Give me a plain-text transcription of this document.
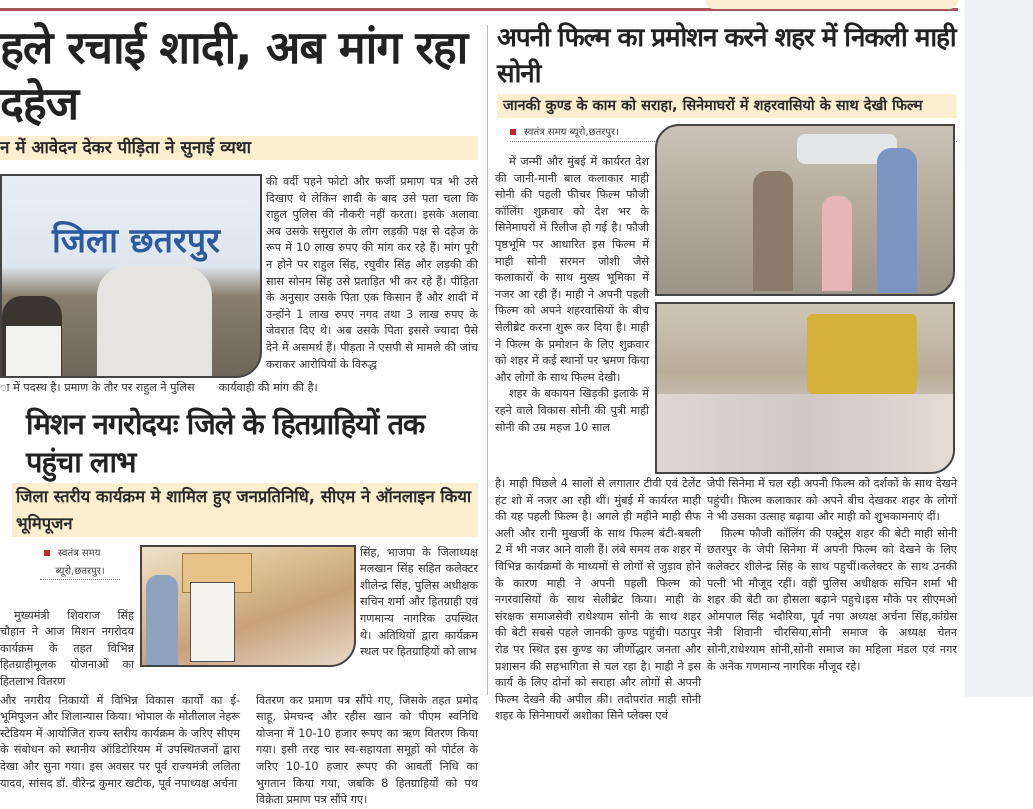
हले रचाई शादी, अब मांग रहा दहेज
न में आवेदन देकर पीड़िता ने सुनाई व्यथा
जिला छतरपुर

की वर्दी पहने फोटो और फर्जी प्रमाण पत्र भी उसे दिखाए थे लेकिन शादी के बाद उसे पता चला कि राहुल पुलिस की नौकरी नहीं करता। इसके अलावा अब उसके ससुराल के लोग लड़की पक्ष से दहेज के रूप में 10 लाख रुपए की मांग कर रहे हैं। मांग पूरी न होने पर राहुल सिंह, रघुवीर सिंह और लड़की की सास सोनम सिंह उसे प्रताड़ित भी कर रहे हैं। पीड़िता के अनुसार उसके पिता एक किसान हैं और शादी में उन्होंने 1 लाख रुपए नगद तथा 3 लाख रुपए के जेवरात दिए थे। अब उसके पिता इससे ज्यादा पैसे देने में असमर्थ हैं। पीड़ता ने एसपी से मामले की जांच कराकर आरोपियों के विरुद्ध

ा में पदस्थ है। प्रमाण के तौर पर राहुल ने पुलिस कार्यवाही की मांग की है।
मिशन नगरोदयः जिले के हितग्राहियों तक पहुंचा लाभ
जिला स्तरीय कार्यक्रम मे शामिल हुए जनप्रतिनिधि, सीएम ने ऑनलाइन किया भूमिपूजन
स्वतंत्र समय
ब्यूरो,छतरपुर।

मुख्यमंत्री शिवराज सिंह चौहान ने आज मिशन नगरोदय कार्यक्रम के तहत विभिन्न हितग्राहीमूलक योजनाओं का हितलाभ वितरण

सिंह, भाजपा के जिलाध्यक्ष मलखान सिंह सहित कलेक्टर शीलेन्द्र सिंह, पुलिस अधीक्षक सचिन शर्मा और हितग्राही एवं गणमान्य नागरिक उपस्थित थे। अतिथियों द्वारा कार्यक्रम स्थल पर हितग्राहियों को लाभ

और नगरीय निकायों में विभिन्न विकास कार्यों का ई-भूमिपूजन और शिलान्यास किया। भोपाल के मोतीलाल नेहरू स्टेडियम में आयोजित राज्य स्तरीय कार्यक्रम के जरिए सीएम के संबोधन को स्थानीय ऑडिटोरियम में उपस्थितजनों द्वारा देखा और सुना गया। इस अवसर पर पूर्व राज्यमंत्री ललिता यादव, सांसद डॉ. वीरेन्द्र कुमार खटीक, पूर्व नपाध्यक्ष अर्चना

वितरण कर प्रमाण पत्र सौंपे गए, जिसके तहत प्रमोद साहू, प्रेमचन्द और रहीस खान को पीएम स्वनिधि योजना में 10-10 हजार रूपए का ऋण वितरण किया गया। इसी तरह चार स्व-सहायता समूहों को पोर्टल के जरिए 10-10 हजार रूपए की आवर्ती निधि का भुगतान किया गया, जबकि 8 हितग्राहियों को पथ विक्रेता प्रमाण पत्र सौंपे गए।

अपनी फिल्म का प्रमोशन करने शहर में निकली माही सोनी
जानकी कुण्ड के काम को सराहा, सिनेमाघरों में शहरवासियो के साथ देखी फिल्म
स्वतंत्र समय ब्यूरो,छतरपुर।

में जन्मीं और मुंबई में कार्यरत देश की जानी-मानी बाल कलाकार माही सोनी की पहली फीचर फिल्म फौजी कॉलिंग शुक्रवार को देश भर के सिनेमाघरों में रिलीज हो गई है। फौजी पृष्ठभूमि पर आधारित इस फिल्म में माही सोनी सरमन जोशी जैसे कलाकारों के साथ मुख्य भूमिका में नजर आ रही हैं। माही ने अपनी पहली फिल्म को अपने शहरवासियों के बीच सेलीब्रेट करना शुरू कर दिया है। माही ने फिल्म के प्रमोशन के लिए शुक्रवार को शहर में कई स्थानों पर भ्रमण किया और लोगों के साथ फिल्म देखी।

शहर के बकायन खिड़की इलाके में रहने वाले विकास सोनी की पुत्री माही सोनी की उम्र महज 10 साल

है। माही पिछले 4 सालों से लगातार टीवी एवं टेलेंट हंट शो में नजर आ रही थीं। मुंबई में कार्यरत माही की यह पहली फिल्म है। अगले ही महीने माही सैफ अली और रानी मुखर्जी के साथ फिल्म बंटी-बबली 2 में भी नजर आने वाली हैं। लंबे समय तक शहर में विभिन्न कार्यक्रमों के माध्यमों से लोगों से जुड़ाव होने के कारण माही ने अपनी पहली फिल्म को नगरवासियों के साथ सेलीब्रेट किया। माही के संरक्षक समाजसेवी राधेश्याम सोनी के साथ शहर की बेटी सबसे पहले जानकी कुण्ड पहुंची। पठापुर रोड पर स्थित इस कुण्ड का जीर्णोद्धार जनता और प्रशासन की सहभागिता से चल रहा है। माही ने इस कार्य के लिए दोनों को सराहा और लोगों से अपनी फिल्म देखने की अपील की। तदोपरांत माही सोनी शहर के सिनेमाघरों अशोका सिने प्लेक्स एवं

जेपी सिनेमा में चल रही अपनी फिल्म को दर्शकों के साथ देखने पहुंची। फिल्म कलाकार को अपने बीच देखकर शहर के लोगों ने भी उसका उत्साह बढ़ाया और माही को शुभकामनाएं दीं।

फ़िल्म फौजी कॉलिंग की एक्ट्रेस शहर की बेटी माही सोनी छतरपुर के जेपी सिनेमा में अपनी फिल्म को देखने के लिए कलेक्टर शीलेन्द्र सिंह के साथ पहुचीं।कलेक्टर के साथ उनकी पत्नी भी मौजूद रहीं। वहीं पुलिस अधीक्षक सचिन शर्मा भी शहर की बेटी का हौसला बढ़ाने पहुचे।इस मौके पर सीएमओ ओमपाल सिंह भदौरिया, पूर्व नपा अध्यक्ष अर्चना सिंह,कांग्रेस नेत्री शिवानी चौरसिया,सोनी समाज के अध्यक्ष चेतन सोनी,राधेश्याम सोनी,सोनी समाज का महिला मंडल एवं नगर के अनेक गणमान्य नागरिक मौजूद रहे।
